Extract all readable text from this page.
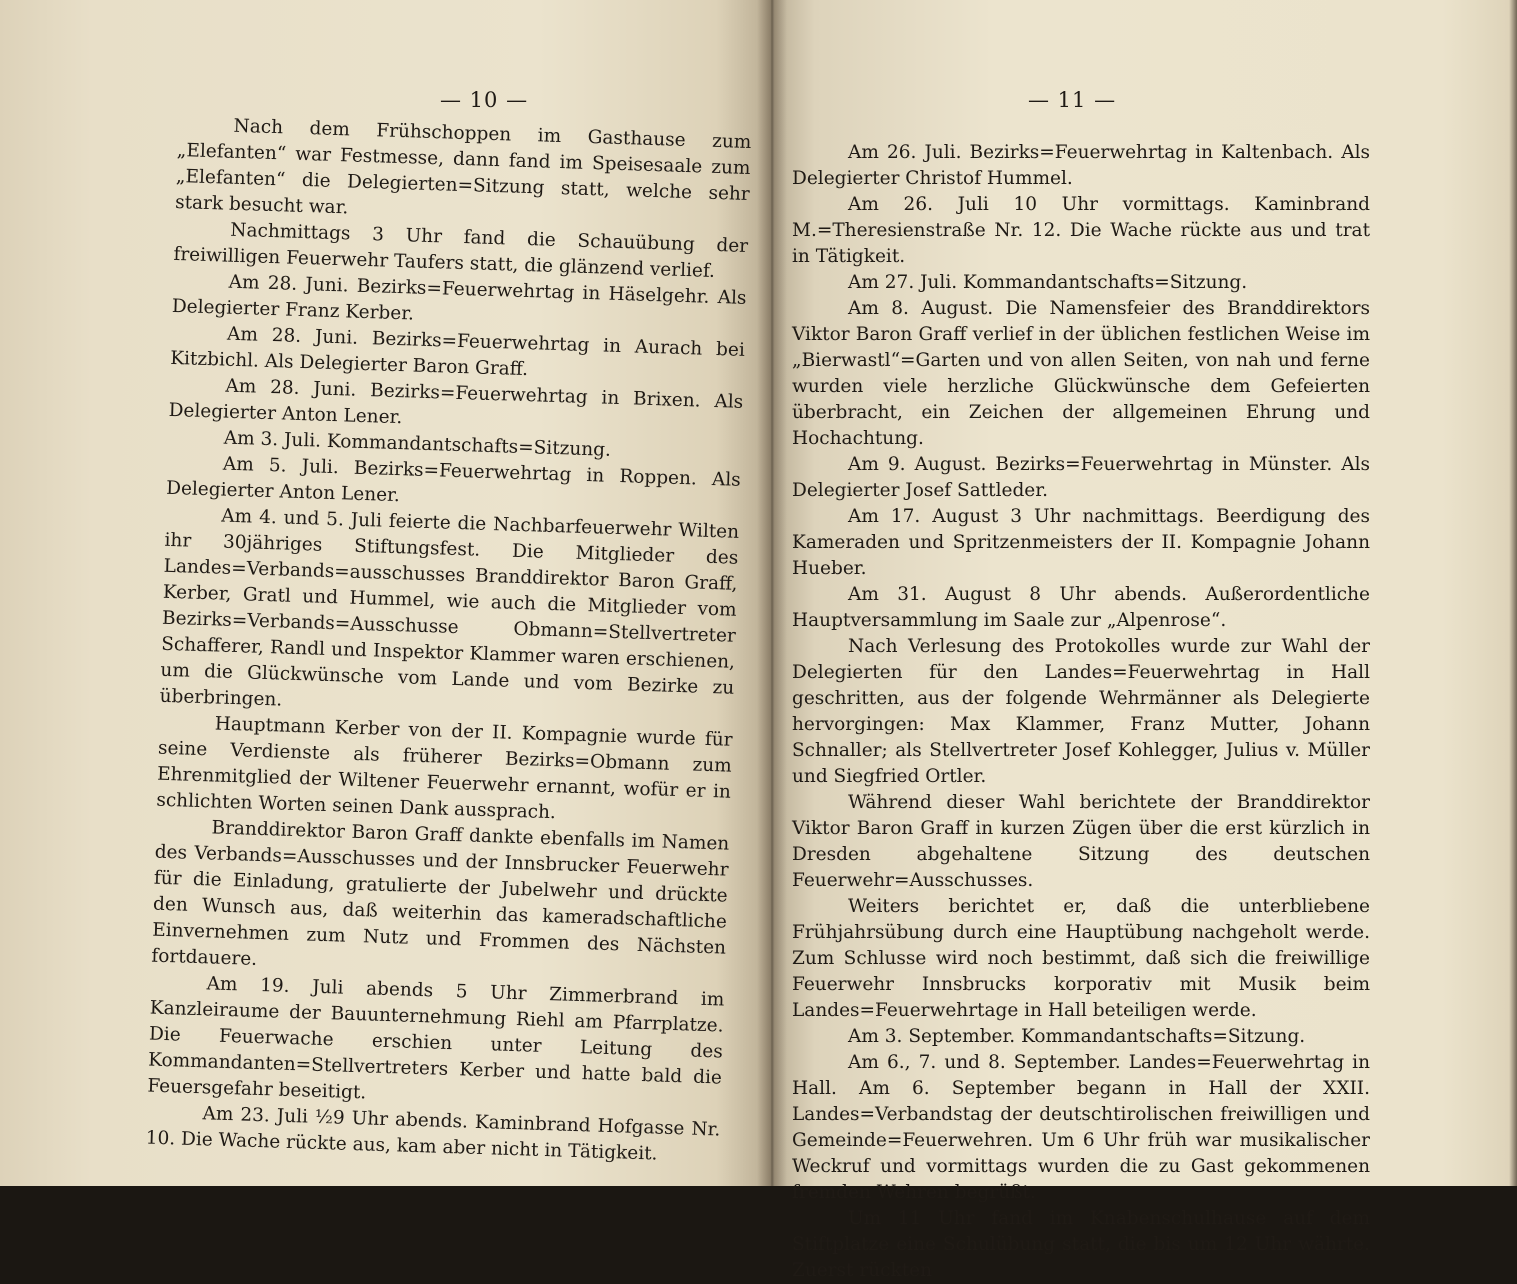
— 10 —

Nach dem Frühschoppen im Gasthause zum „Elefanten“ war Festmesse, dann fand im Speisesaale zum „Elefanten“ die Delegierten=Sitzung statt, welche sehr stark besucht war.

Nachmittags 3 Uhr fand die Schauübung der freiwilligen Feuerwehr Taufers statt, die glänzend verlief.

Am 28. Juni. Bezirks=Feuerwehrtag in Häselgehr. Als Delegierter Franz Kerber.

Am 28. Juni. Bezirks=Feuerwehrtag in Aurach bei Kitzbichl. Als Delegierter Baron Graff.

Am 28. Juni. Bezirks=Feuerwehrtag in Brixen. Als Delegierter Anton Lener.

Am 3. Juli. Kommandantschafts=Sitzung.

Am 5. Juli. Bezirks=Feuerwehrtag in Roppen. Als Delegierter Anton Lener.

Am 4. und 5. Juli feierte die Nachbarfeuerwehr Wilten ihr 30jähriges Stiftungsfest. Die Mitglieder des Landes=Verbands=ausschusses Branddirektor Baron Graff, Kerber, Gratl und Hummel, wie auch die Mitglieder vom Bezirks=Verbands=Ausschusse Obmann=Stellvertreter Schafferer, Randl und Inspektor Klammer waren erschienen, um die Glückwünsche vom Lande und vom Bezirke zu überbringen.

Hauptmann Kerber von der II. Kompagnie wurde für seine Verdienste als früherer Bezirks=Obmann zum Ehrenmitglied der Wiltener Feuerwehr ernannt, wofür er in schlichten Worten seinen Dank aussprach.

Branddirektor Baron Graff dankte ebenfalls im Namen des Verbands=Ausschusses und der Innsbrucker Feuerwehr für die Einladung, gratulierte der Jubelwehr und drückte den Wunsch aus, daß weiterhin das kameradschaftliche Einvernehmen zum Nutz und Frommen des Nächsten fortdauere.

Am 19. Juli abends 5 Uhr Zimmerbrand im Kanzleiraume der Bauunternehmung Riehl am Pfarrplatze. Die Feuerwache erschien unter Leitung des Kommandanten=Stellvertreters Kerber und hatte bald die Feuersgefahr beseitigt.

Am 23. Juli ½9 Uhr abends. Kaminbrand Hofgasse Nr. 10. Die Wache rückte aus, kam aber nicht in Tätigkeit.

— 11 —

Am 26. Juli. Bezirks=Feuerwehrtag in Kaltenbach. Als Delegierter Christof Hummel.

Am 26. Juli 10 Uhr vormittags. Kaminbrand M.=Theresienstraße Nr. 12. Die Wache rückte aus und trat in Tätigkeit.

Am 27. Juli. Kommandantschafts=Sitzung.

Am 8. August. Die Namensfeier des Branddirektors Viktor Baron Graff verlief in der üblichen festlichen Weise im „Bierwastl“=Garten und von allen Seiten, von nah und ferne wurden viele herzliche Glückwünsche dem Gefeierten überbracht, ein Zeichen der allgemeinen Ehrung und Hochachtung.

Am 9. August. Bezirks=Feuerwehrtag in Münster. Als Delegierter Josef Sattleder.

Am 17. August 3 Uhr nachmittags. Beerdigung des Kameraden und Spritzenmeisters der II. Kompagnie Johann Hueber.

Am 31. August 8 Uhr abends. Außerordentliche Hauptversammlung im Saale zur „Alpenrose“.

Nach Verlesung des Protokolles wurde zur Wahl der Delegierten für den Landes=Feuerwehrtag in Hall geschritten, aus der folgende Wehrmänner als Delegierte hervorgingen: Max Klammer, Franz Mutter, Johann Schnaller; als Stellvertreter Josef Kohlegger, Julius v. Müller und Siegfried Ortler.

Während dieser Wahl berichtete der Branddirektor Viktor Baron Graff in kurzen Zügen über die erst kürzlich in Dresden abgehaltene Sitzung des deutschen Feuerwehr=Ausschusses.

Weiters berichtet er, daß die unterbliebene Frühjahrsübung durch eine Hauptübung nachgeholt werde. Zum Schlusse wird noch bestimmt, daß sich die freiwillige Feuerwehr Innsbrucks korporativ mit Musik beim Landes=Feuerwehrtage in Hall beteiligen werde.

Am 3. September. Kommandantschafts=Sitzung.

Am 6., 7. und 8. September. Landes=Feuerwehrtag in Hall. Am 6. September begann in Hall der XXII. Landes=Verbandstag der deutschtirolischen freiwilligen und Gemeinde=Feuerwehren. Um 6 Uhr früh war musikalischer Weckruf und vormittags wurden die zu Gast gekommenen fremden Wehren begrüßt.

Um 11 Uhr fand im Knabenschulhause auf dem Stiftplatze eine Schulübung statt, die bis um 12 Uhr währte. Zuerst rückten
